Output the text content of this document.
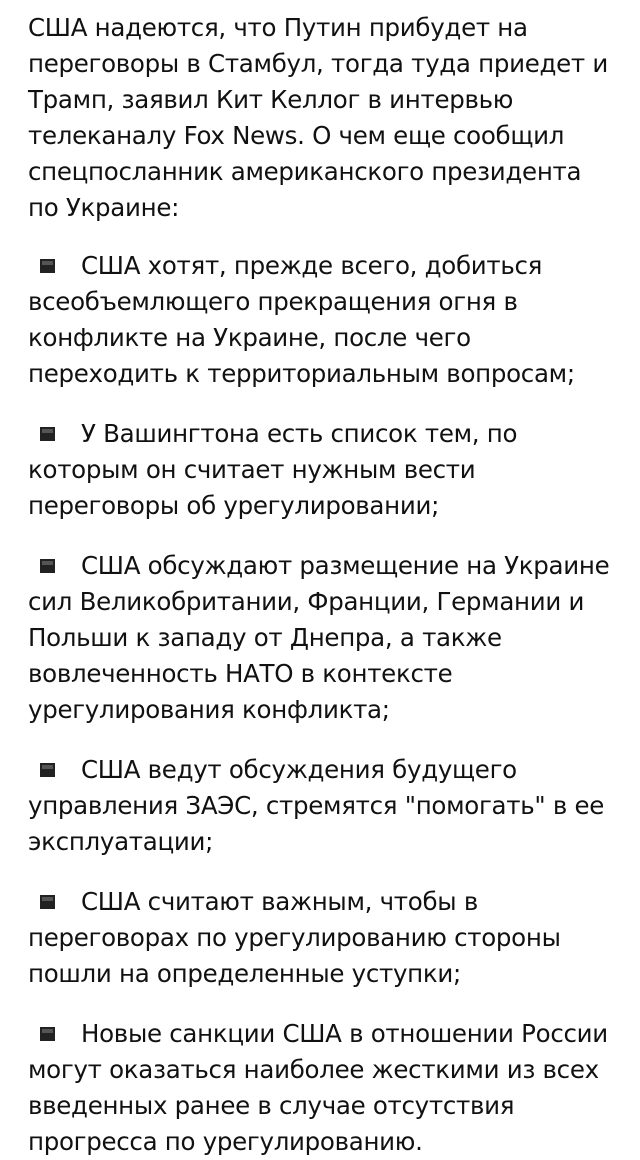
США надеются, что Путин прибудет на переговоры в Стамбул, тогда туда приедет и Трамп, заявил Кит Келлог в интервью телеканалу Fox News. О чем еще сообщил спецпосланник американского президента по Украине:

США хотят, прежде всего, добиться всеобъемлющего прекращения огня в конфликте на Украине, после чего переходить к территориальным вопросам;
У Вашингтона есть список тем, по которым он считает нужным вести переговоры об урегулировании;
США обсуждают размещение на Украине сил Великобритании, Франции, Германии и Польши к западу от Днепра, а также вовлеченность НАТО в контексте урегулирования конфликта;
США ведут обсуждения будущего управления ЗАЭС, стремятся "помогать" в ее эксплуатации;
США считают важным, чтобы в переговорах по урегулированию стороны пошли на определенные уступки;
Новые санкции США в отношении России могут оказаться наиболее жесткими из всех введенных ранее в случае отсутствия прогресса по урегулированию.
